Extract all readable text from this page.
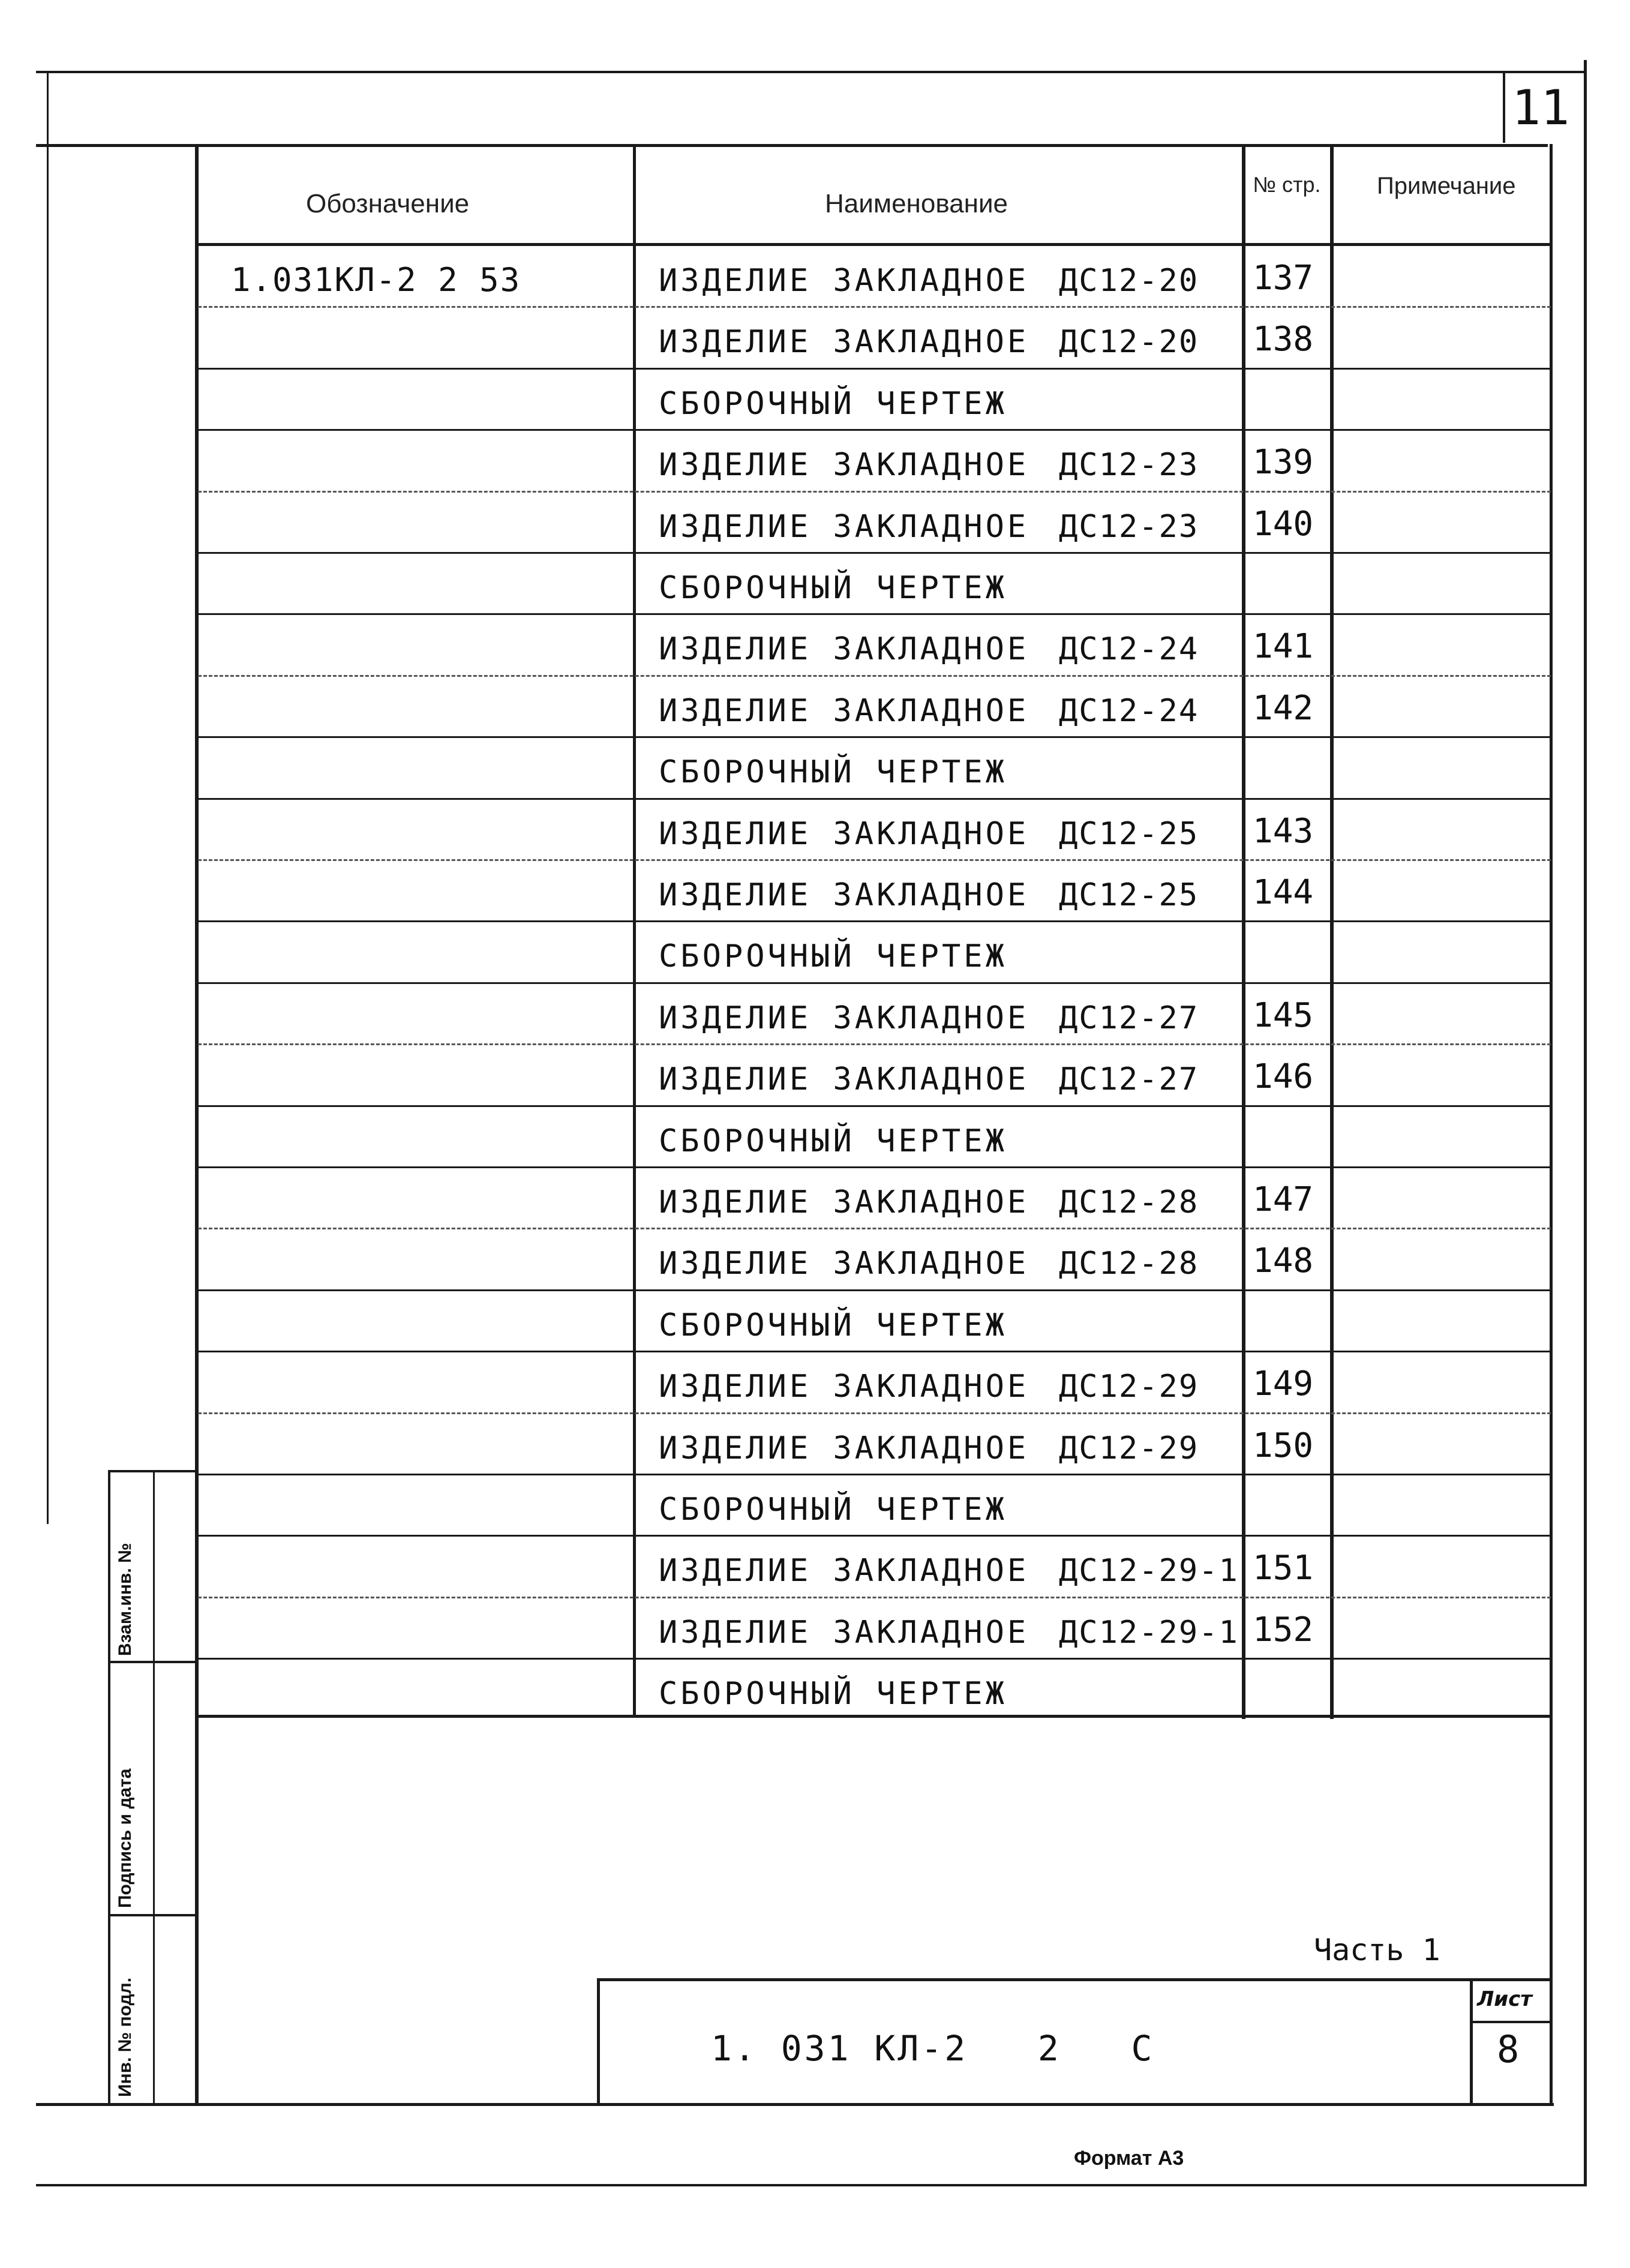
11
Обозначение	Наименование
№ стр. Примечание
1.031КЛ-2 2 53	ИЗДЕЛИЕ ЗАКЛАДНОЕ ДС12-20 137
ИЗДЕЛИЕ ЗАКЛАДНОЕ ДС12-20 138
СБОРОЧНЫЙ ЧЕРТЕЖ
ИЗДЕЛИЕ ЗАКЛАДНОЕ ДС12-23 139
ИЗДЕЛИЕ ЗАКЛАДНОЕ ДС12-23 140
СБОРОЧНЫЙ ЧЕРТЕЖ
ИЗДЕЛИЕ ЗАКЛАДНОЕ ДС12-24 141
ИЗДЕЛИЕ ЗАКЛАДНОЕ ДС12-24 142
СБОРОЧНЫЙ ЧЕРТЕЖ
ИЗДЕЛИЕ ЗАКЛАДНОЕ ДС12-25 143
ИЗДЕЛИЕ ЗАКЛАДНОЕ ДС12-25 144
СБОРОЧНЫЙ ЧЕРТЕЖ
ИЗДЕЛИЕ ЗАКЛАДНОЕ ДС12-27 145
ИЗДЕЛИЕ ЗАКЛАДНОЕ ДС12-27 146
СБОРОЧНЫЙ ЧЕРТЕЖ
ИЗДЕЛИЕ ЗАКЛАДНОЕ ДС12-28 147
ИЗДЕЛИЕ ЗАКЛАДНОЕ ДС12-28 148
СБОРОЧНЫЙ ЧЕРТЕЖ
ИЗДЕЛИЕ ЗАКЛАДНОЕ ДС12-29 149
ИЗДЕЛИЕ ЗАКЛАДНОЕ ДС12-29 150
СБОРОЧНЫЙ ЧЕРТЕЖ
ИЗДЕЛИЕ ЗАКЛАДНОЕ ДС12-29-1 151
ИЗДЕЛИЕ ЗАКЛАДНОЕ ДС12-29-1 152
СБОРОЧНЫЙ ЧЕРТЕЖ
Взам.инв. №
Подпись и дата
Инв. № подл.
Часть 1
1. 031 КЛ-2   2   С
Лист
8
Формат А3
